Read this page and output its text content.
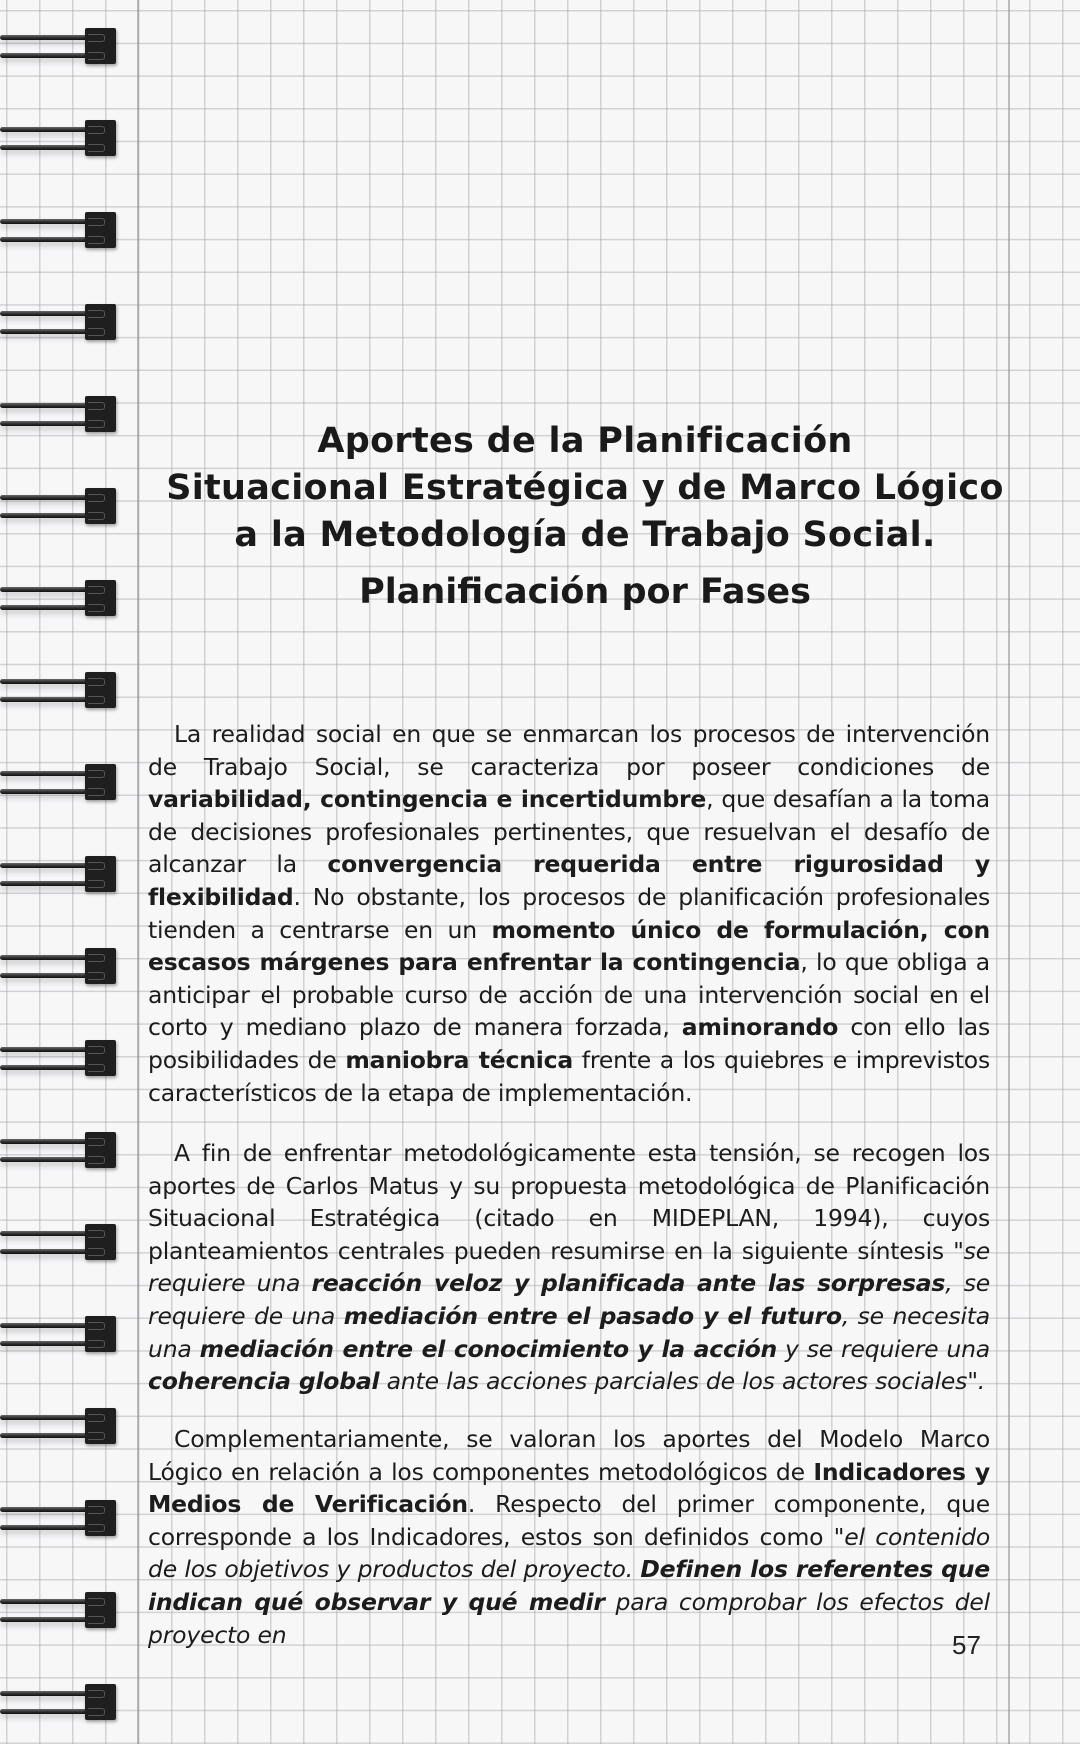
Aportes de la Planificación
Situacional Estratégica y de Marco Lógico
a la Metodología de Trabajo Social.
Planificación por Fases

La realidad social en que se enmarcan los procesos de intervención de Trabajo Social, se caracteriza por poseer condiciones de variabilidad, contingencia e incertidumbre, que desafían a la toma de decisiones profesionales pertinentes, que resuelvan el desafío de alcanzar la convergencia requerida entre rigurosidad y flexibilidad. No obstante, los procesos de planificación profesionales tienden a centrarse en un momento único de formulación, con escasos márgenes para enfrentar la contingencia, lo que obliga a anticipar el probable curso de acción de una intervención social en el corto y mediano plazo de manera forzada, aminorando con ello las posibilidades de maniobra técnica frente a los quiebres e imprevistos característicos de la etapa de implementación.

A fin de enfrentar metodológicamente esta tensión, se recogen los aportes de Carlos Matus y su propuesta metodológica de Planificación Situacional Estratégica (citado en MIDEPLAN, 1994), cuyos planteamientos centrales pueden resumirse en la siguiente síntesis "se requiere una reacción veloz y planificada ante las sorpresas, se requiere de una mediación entre el pasado y el futuro, se necesita una mediación entre el conocimiento y la acción y se requiere una coherencia global ante las acciones parciales de los actores sociales".

Complementariamente, se valoran los aportes del Modelo Marco Lógico en relación a los componentes metodológicos de Indicadores y Medios de Verificación. Respecto del primer componente, que corresponde a los Indicadores, estos son definidos como "el contenido de los objetivos y productos del proyecto. Definen los referentes que indican qué observar y qué medir para comprobar los efectos del proyecto en	57
